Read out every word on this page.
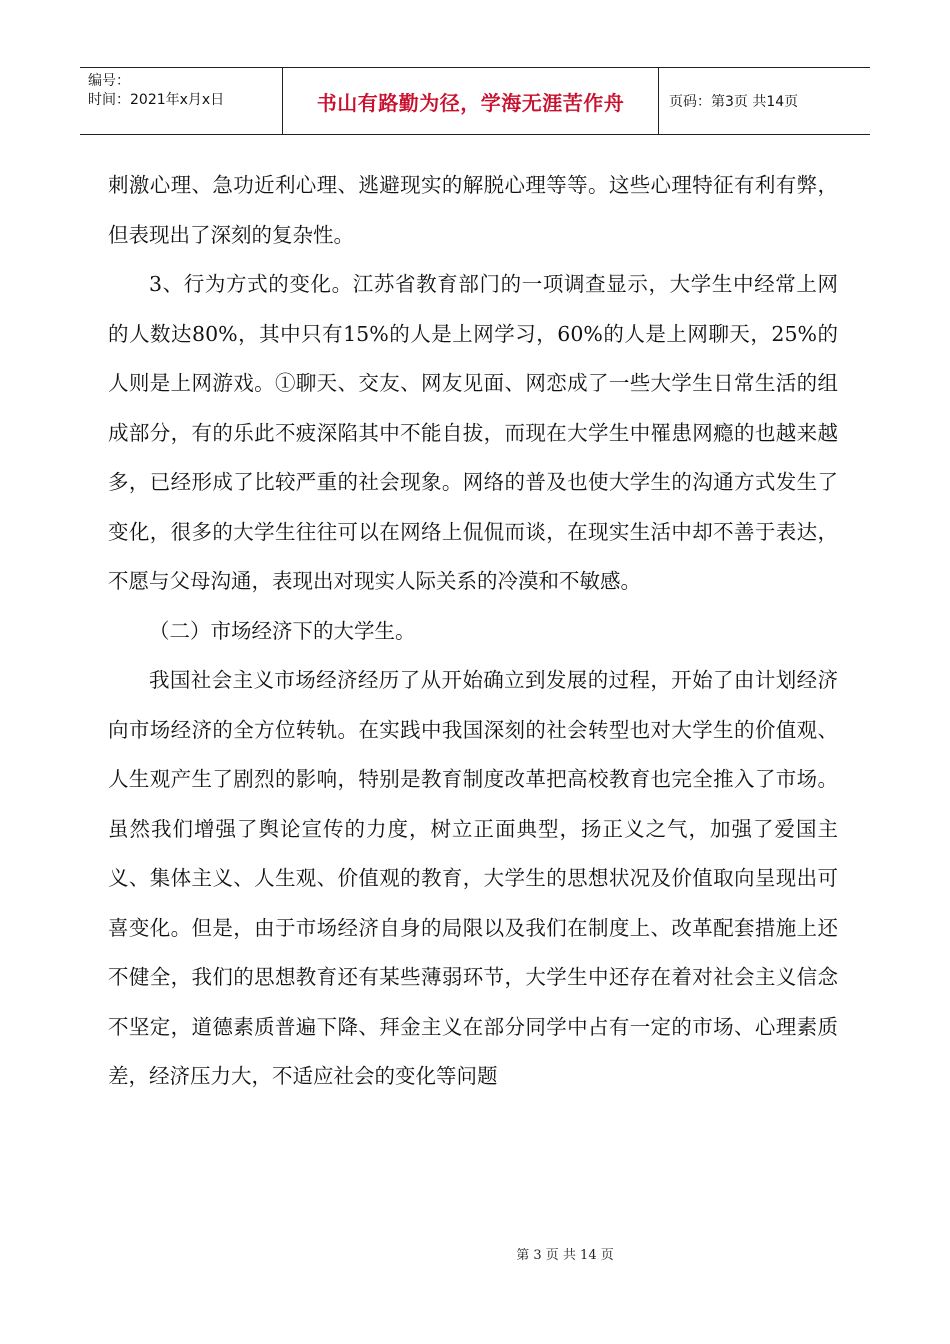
编号：
时间：2021年x月x日	书山有路勤为径，学海无涯苦作舟	页码：第3页 共14页

刺激心理、急功近利心理、逃避现实的解脱心理等等。这些心理特征有利有弊，但表现出了深刻的复杂性。

3、行为方式的变化。江苏省教育部门的一项调查显示，大学生中经常上网的人数达80%，其中只有15%的人是上网学习，60%的人是上网聊天，25%的人则是上网游戏。①聊天、交友、网友见面、网恋成了一些大学生日常生活的组成部分，有的乐此不疲深陷其中不能自拔，而现在大学生中罹患网瘾的也越来越多，已经形成了比较严重的社会现象。网络的普及也使大学生的沟通方式发生了变化，很多的大学生往往可以在网络上侃侃而谈，在现实生活中却不善于表达，不愿与父母沟通，表现出对现实人际关系的冷漠和不敏感。

（二）市场经济下的大学生。

我国社会主义市场经济经历了从开始确立到发展的过程，开始了由计划经济向市场经济的全方位转轨。在实践中我国深刻的社会转型也对大学生的价值观、人生观产生了剧烈的影响，特别是教育制度改革把高校教育也完全推入了市场。虽然我们增强了舆论宣传的力度，树立正面典型，扬正义之气，加强了爱国主义、集体主义、人生观、价值观的教育，大学生的思想状况及价值取向呈现出可喜变化。但是，由于市场经济自身的局限以及我们在制度上、改革配套措施上还不健全，我们的思想教育还有某些薄弱环节，大学生中还存在着对社会主义信念不坚定，道德素质普遍下降、拜金主义在部分同学中占有一定的市场、心理素质差，经济压力大，不适应社会的变化等问题

第 3 页 共 14 页
